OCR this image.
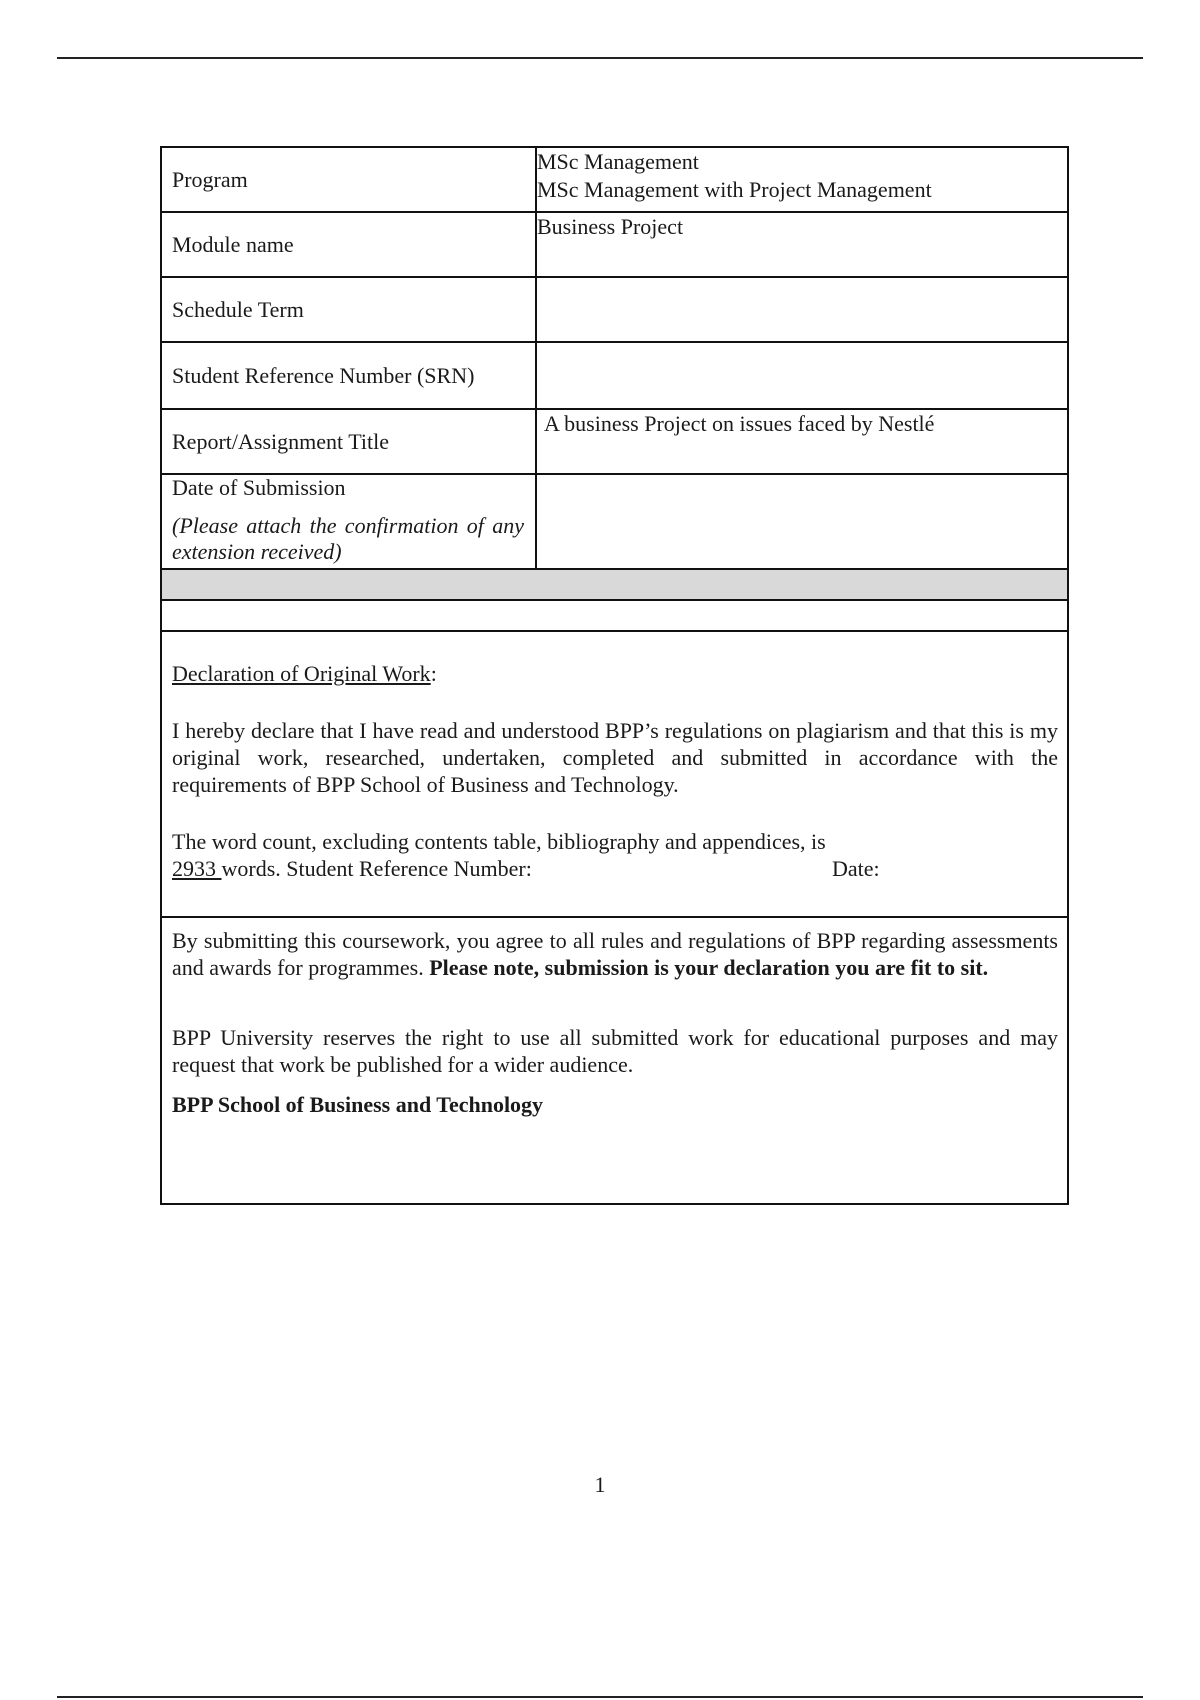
Program
MSc Management
MSc Management with Project Management
Module name
Business Project
Schedule Term
Student Reference Number (SRN)
Report/Assignment Title
A business Project on issues faced by Nestlé
Date of Submission
(Please attach the confirmation of any extension received)
Declaration of Original Work:
I hereby declare that I have read and understood BPP’s regulations on plagiarism and that this is my original work, researched, undertaken, completed and submitted in accordance with the requirements of BPP School of Business and Technology.
The word count, excluding contents table, bibliography and appendices, is
2933 words. Student Reference Number:	Date:
By submitting this coursework, you agree to all rules and regulations of BPP regarding assessments and awards for programmes. Please note, submission is your declaration you are fit to sit.
BPP University reserves the right to use all submitted work for educational purposes and may request that work be published for a wider audience.
BPP School of Business and Technology
1
